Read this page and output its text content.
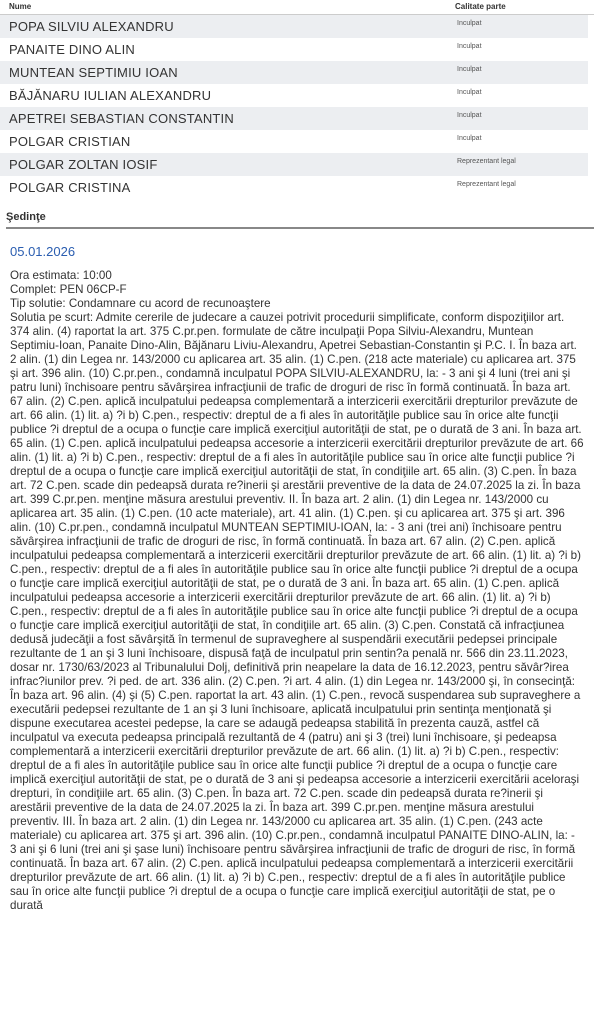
Nume	Calitate parte
POPA SILVIU ALEXANDRU	Inculpat
PANAITE DINO ALIN	Inculpat
MUNTEAN SEPTIMIU IOAN	Inculpat
BĂJĂNARU IULIAN ALEXANDRU	Inculpat
APETREI SEBASTIAN CONSTANTIN	Inculpat
POLGAR CRISTIAN	Inculpat
POLGAR ZOLTAN IOSIF	Reprezentant legal
POLGAR CRISTINA	Reprezentant legal
Şedinţe
05.01.2026
Ora estimata: 10:00
Complet: PEN 06CP-F
Tip solutie: Condamnare cu acord de recunoaştere
Solutia pe scurt: Admite cererile de judecare a cauzei potrivit procedurii simplificate, conform dispoziţiilor art. 374 alin. (4) raportat la art. 375 C.pr.pen. formulate de către inculpaţii Popa Silviu-Alexandru, Muntean Septimiu-Ioan, Panaite Dino-Alin, Băjănaru Liviu-Alexandru, Apetrei Sebastian-Constantin şi P.C. I. În baza art. 2 alin. (1) din Legea nr. 143/2000 cu aplicarea art. 35 alin. (1) C.pen. (218 acte materiale) cu aplicarea art. 375 şi art. 396 alin. (10) C.pr.pen., condamnă inculpatul POPA SILVIU-ALEXANDRU, la: - 3 ani şi 4 luni (trei ani şi patru luni) închisoare pentru săvârşirea infracţiunii de trafic de droguri de risc în formă continuată. În baza art. 67 alin. (2) C.pen. aplică inculpatului pedeapsa complementară a interzicerii exercitării drepturilor prevăzute de art. 66 alin. (1) lit. a) ?i b) C.pen., respectiv: dreptul de a fi ales în autorităţile publice sau în orice alte funcţii publice ?i dreptul de a ocupa o funcţie care implică exerciţiul autorităţii de stat, pe o durată de 3 ani. În baza art. 65 alin. (1) C.pen. aplică inculpatului pedeapsa accesorie a interzicerii exercitării drepturilor prevăzute de art. 66 alin. (1) lit. a) ?i b) C.pen., respectiv: dreptul de a fi ales în autorităţile publice sau în orice alte funcţii publice ?i dreptul de a ocupa o funcţie care implică exerciţiul autorităţii de stat, în condiţiile art. 65 alin. (3) C.pen. În baza art. 72 C.pen. scade din pedeapsă durata re?inerii şi arestării preventive de la data de 24.07.2025 la zi. În baza art. 399 C.pr.pen. menţine măsura arestului preventiv. II. În baza art. 2 alin. (1) din Legea nr. 143/2000 cu aplicarea art. 35 alin. (1) C.pen. (10 acte materiale), art. 41 alin. (1) C.pen. şi cu aplicarea art. 375 şi art. 396 alin. (10) C.pr.pen., condamnă inculpatul MUNTEAN SEPTIMIU-IOAN, la: - 3 ani (trei ani) închisoare pentru săvârşirea infracţiunii de trafic de droguri de risc, în formă continuată. În baza art. 67 alin. (2) C.pen. aplică inculpatului pedeapsa complementară a interzicerii exercitării drepturilor prevăzute de art. 66 alin. (1) lit. a) ?i b) C.pen., respectiv: dreptul de a fi ales în autorităţile publice sau în orice alte funcţii publice ?i dreptul de a ocupa o funcţie care implică exerciţiul autorităţii de stat, pe o durată de 3 ani. În baza art. 65 alin. (1) C.pen. aplică inculpatului pedeapsa accesorie a interzicerii exercitării drepturilor prevăzute de art. 66 alin. (1) lit. a) ?i b) C.pen., respectiv: dreptul de a fi ales în autorităţile publice sau în orice alte funcţii publice ?i dreptul de a ocupa o funcţie care implică exerciţiul autorităţii de stat, în condiţiile art. 65 alin. (3) C.pen. Constată că infracţiunea dedusă judecăţii a fost săvârşită în termenul de supraveghere al suspendării executării pedepsei principale rezultante de 1 an şi 3 luni închisoare, dispusă faţă de inculpatul prin sentin?a penală nr. 566 din 23.11.2023, dosar nr. 1730/63/2023 al Tribunalului Dolj, definitivă prin neapelare la data de 16.12.2023, pentru săvâr?irea infrac?iunilor prev. ?i ped. de art. 336 alin. (2) C.pen. ?i art. 4 alin. (1) din Legea nr. 143/2000 şi, în consecinţă: În baza art. 96 alin. (4) şi (5) C.pen. raportat la art. 43 alin. (1) C.pen., revocă suspendarea sub supraveghere a executării pedepsei rezultante de 1 an şi 3 luni închisoare, aplicată inculpatului prin sentinţa menţionată şi dispune executarea acestei pedepse, la care se adaugă pedeapsa stabilită în prezenta cauză, astfel că inculpatul va executa pedeapsa principală rezultantă de 4 (patru) ani şi 3 (trei) luni închisoare, şi pedeapsa complementară a interzicerii exercitării drepturilor prevăzute de art. 66 alin. (1) lit. a) ?i b) C.pen., respectiv: dreptul de a fi ales în autorităţile publice sau în orice alte funcţii publice ?i dreptul de a ocupa o funcţie care implică exerciţiul autorităţii de stat, pe o durată de 3 ani şi pedeapsa accesorie a interzicerii exercitării aceloraşi drepturi, în condiţiile art. 65 alin. (3) C.pen. În baza art. 72 C.pen. scade din pedeapsă durata re?inerii şi arestării preventive de la data de 24.07.2025 la zi. În baza art. 399 C.pr.pen. menţine măsura arestului preventiv. III. În baza art. 2 alin. (1) din Legea nr. 143/2000 cu aplicarea art. 35 alin. (1) C.pen. (243 acte materiale) cu aplicarea art. 375 şi art. 396 alin. (10) C.pr.pen., condamnă inculpatul PANAITE DINO-ALIN, la: - 3 ani şi 6 luni (trei ani şi şase luni) închisoare pentru săvârşirea infracţiunii de trafic de droguri de risc, în formă continuată. În baza art. 67 alin. (2) C.pen. aplică inculpatului pedeapsa complementară a interzicerii exercitării drepturilor prevăzute de art. 66 alin. (1) lit. a) ?i b) C.pen., respectiv: dreptul de a fi ales în autorităţile publice sau în orice alte funcţii publice ?i dreptul de a ocupa o funcţie care implică exerciţiul autorităţii de stat, pe o durată
